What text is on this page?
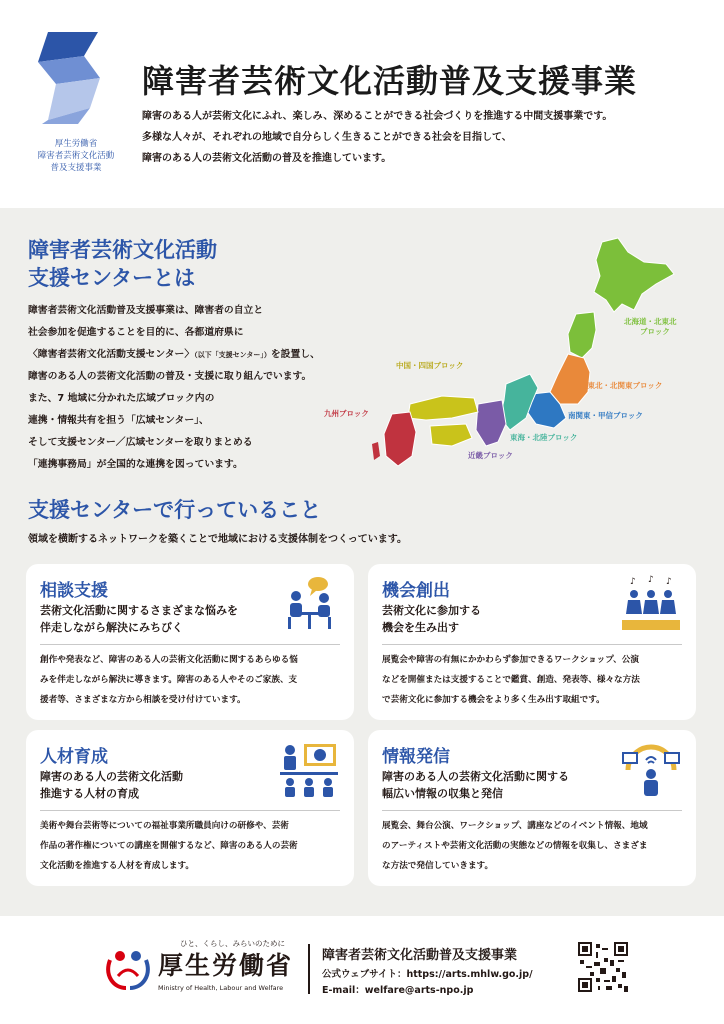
厚生労働省
障害者芸術文化活動
普及支援事業
障害者芸術文化活動普及支援事業
障害のある人が芸術文化にふれ、楽しみ、深めることができる社会づくりを推進する中間支援事業です。
多様な人々が、それぞれの地域で自分らしく生きることができる社会を目指して、
障害のある人の芸術文化活動の普及を推進しています。
障害者芸術文化活動
支援センターとは
障害者芸術文化活動普及支援事業は、障害者の自立と
社会参加を促進することを目的に、各都道府県に
〈障害者芸術文化活動支援センター〉（以下「支援センター」）を設置し、
障害のある人の芸術文化活動の普及・支援に取り組んでいます。
また、7 地域に分かれた広域ブロック内の
連携・情報共有を担う「広域センター」、
そして支援センター／広域センターを取りまとめる
「連携事務局」が全国的な連携を図っています。
北海道・北東北ブロック
南東北・北関東ブロック
南関東・甲信ブロック
東海・北陸ブロック
近畿ブロック
中国・四国ブロック
九州ブロック
支援センターで行っていること
領域を横断するネットワークを築くことで地域における支援体制をつくっています。
相談支援
芸術文化活動に関するさまざまな悩みを
伴走しながら解決にみちびく
創作や発表など、障害のある人の芸術文化活動に関するあらゆる悩
みを伴走しながら解決に導きます。障害のある人やそのご家族、支
援者等、さまざまな方から相談を受け付けています。
機会創出
芸術文化に参加する
機会を生み出す
♪ ♪ ♪
展覧会や障害の有無にかかわらず参加できるワークショップ、公演
などを開催または支援することで鑑賞、創造、発表等、様々な方法
で芸術文化に参加する機会をより多く生み出す取組です。
人材育成
障害のある人の芸術文化活動
推進する人材の育成
美術や舞台芸術等についての福祉事業所職員向けの研修や、芸術
作品の著作権についての講座を開催するなど、障害のある人の芸術
文化活動を推進する人材を育成します。
情報発信
障害のある人の芸術文化活動に関する
幅広い情報の収集と発信
展覧会、舞台公演、ワークショップ、講座などのイベント情報、地域
のアーティストや芸術文化活動の実態などの情報を収集し、さまざま
な方法で発信していきます。
ひと、くらし、みらいのために
厚生労働省
Ministry of Health, Labour and Welfare
障害者芸術文化活動普及支援事業
公式ウェブサイト：https://arts.mhlw.go.jp/
E-mail：welfare@arts-npo.jp
